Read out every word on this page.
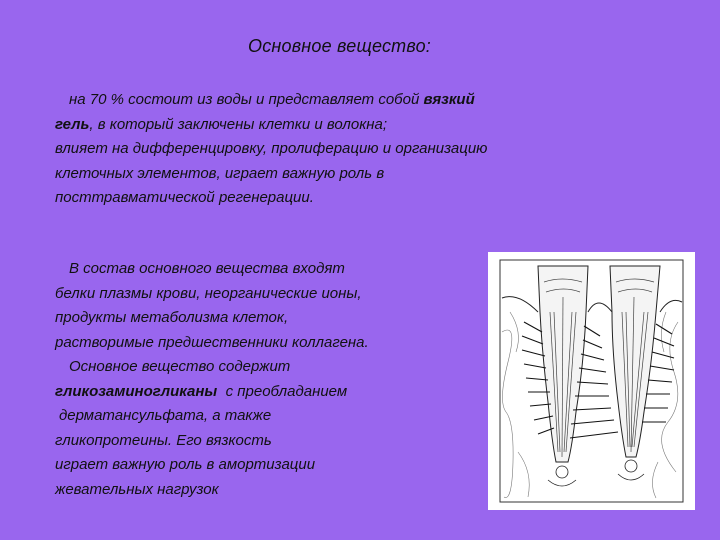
Основное вещество:
на 70 % состоит из воды и представляет собой вязкий
гель, в который заключены клетки и волокна;
влияет на дифференцировку, пролиферацию и организацию
клеточных элементов, играет важную роль в
посттравматической регенерации.
В состав основного вещества входят
белки плазмы крови, неорганические ионы,
продукты метаболизма клеток,
растворимые предшественники коллагена.
Основное вещество содержит
гликозаминогликаны  с преобладанием
дерматансульфата, а также
гликопротеины. Его вязкость
играет важную роль в амортизации
жевательных нагрузок
